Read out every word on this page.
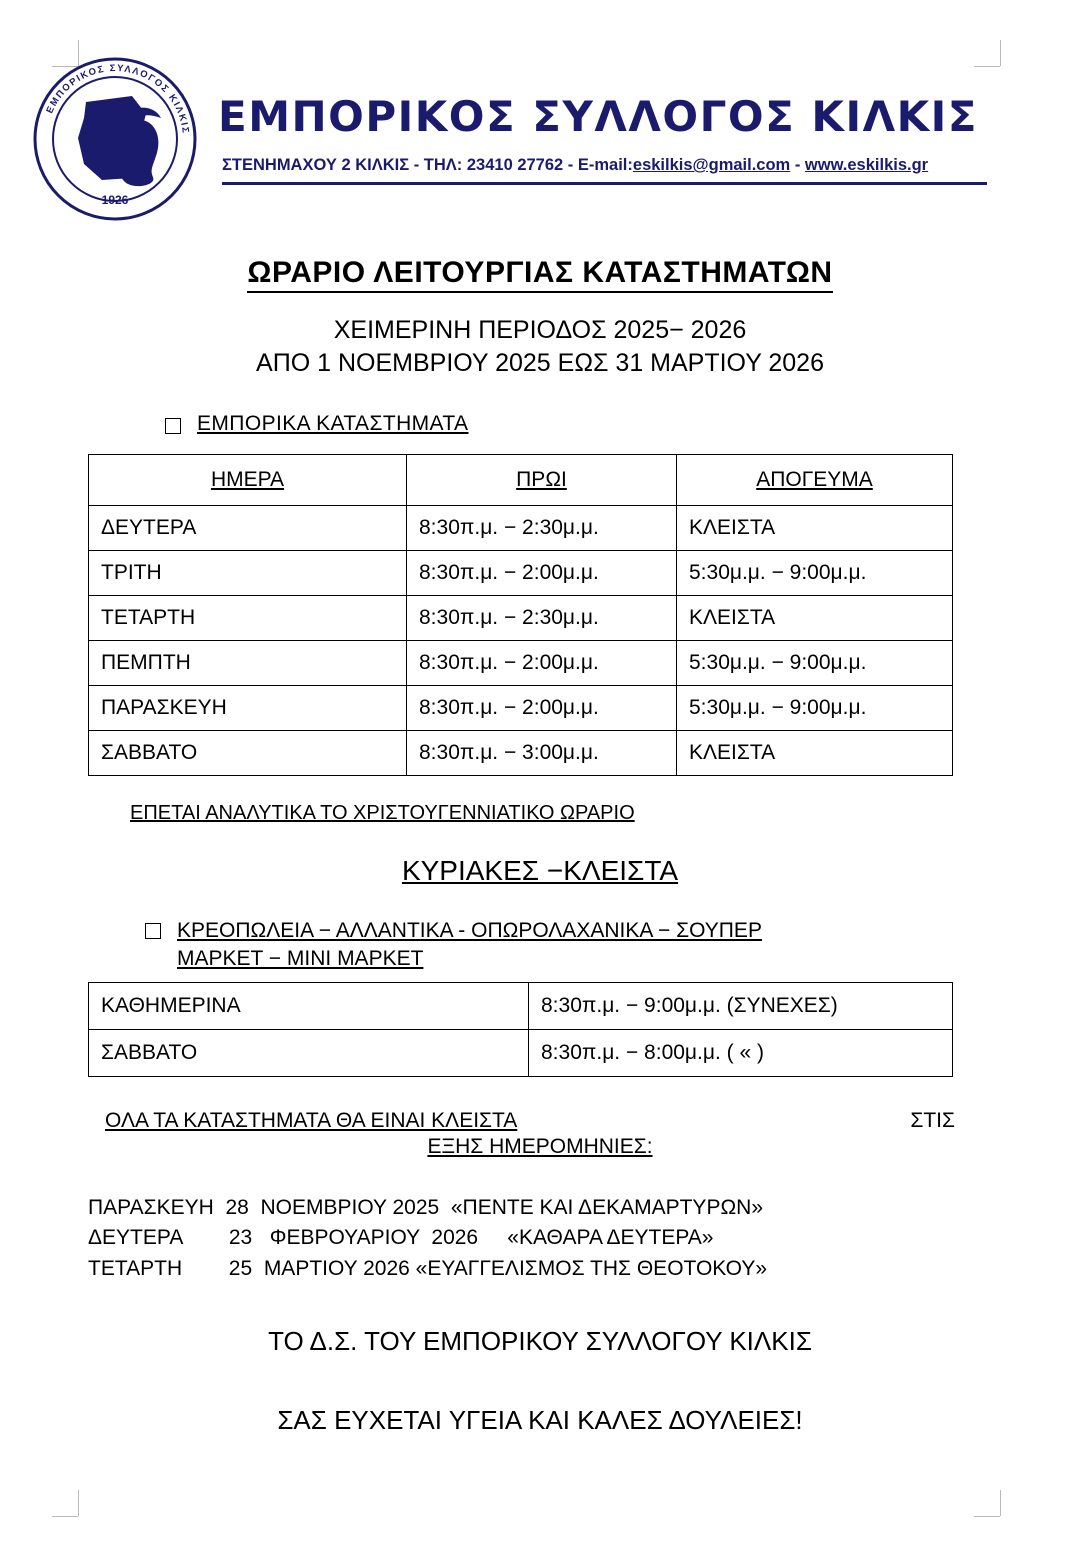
1926
ΕΜΠΟΡΙΚΟΣ ΣΥΛΛΟΓΟΣ ΚΙΛΚΙΣ ΕΜΠΟΡΙΚΟΣ ΣΥΛΛΟΓΟΣ ΚΙΛΚΙΣ
ΣΤΕΝΗΜΑΧΟΥ 2 ΚΙΛΚΙΣ - ΤΗΛ: 23410 27762 - E-mail:eskilkis@gmail.com - www.eskilkis.gr
ΩΡΑΡΙΟ ΛΕΙΤΟΥΡΓΙΑΣ ΚΑΤΑΣΤΗΜΑΤΩΝ
ΧΕΙΜΕΡΙΝΗ ΠΕΡΙΟΔΟΣ 2025− 2026
ΑΠΟ 1 ΝΟΕΜΒΡΙΟΥ 2025 ΕΩΣ 31 ΜΑΡΤΙΟΥ 2026
ΕΜΠΟΡΙΚΑ ΚΑΤΑΣΤΗΜΑΤΑ
ΗΜΕΡΑ	ΠΡΩΙ	ΑΠΟΓΕΥΜΑ
ΔΕΥΤΕΡΑ	8:30π.μ. − 2:30μ.μ.	ΚΛΕΙΣΤΑ
ΤΡΙΤΗ	8:30π.μ. − 2:00μ.μ.	5:30μ.μ. − 9:00μ.μ.
ΤΕΤΑΡΤΗ	8:30π.μ. − 2:30μ.μ.	ΚΛΕΙΣΤΑ
ΠΕΜΠΤΗ	8:30π.μ. − 2:00μ.μ.	5:30μ.μ. − 9:00μ.μ.
ΠΑΡΑΣΚΕΥΗ	8:30π.μ. − 2:00μ.μ.	5:30μ.μ. − 9:00μ.μ.
ΣΑΒΒΑΤΟ	8:30π.μ. − 3:00μ.μ.	ΚΛΕΙΣΤΑ
ΕΠΕΤΑΙ ΑΝΑΛΥΤΙΚΑ ΤΟ ΧΡΙΣΤΟΥΓΕΝΝΙΑΤΙΚΟ ΩΡΑΡΙΟ
ΚΥΡΙΑΚΕΣ −ΚΛΕΙΣΤΑ
ΚΡΕΟΠΩΛΕΙΑ − ΑΛΛΑΝΤΙΚΑ - ΟΠΩΡΟΛΑΧΑΝΙΚΑ − ΣΟΥΠΕΡ
ΜΑΡΚΕΤ − ΜΙΝΙ ΜΑΡΚΕΤ
ΚΑΘΗΜΕΡΙΝΑ	8:30π.μ. − 9:00μ.μ. (ΣΥΝΕΧΕΣ)
ΣΑΒΒΑΤΟ	8:30π.μ. − 8:00μ.μ. ( « )
ΟΛΑ ΤΑ ΚΑΤΑΣΤΗΜΑΤΑ ΘΑ ΕΙΝΑΙ ΚΛΕΙΣΤΑ	ΣΤΙΣ
ΕΞΗΣ ΗΜΕΡΟΜΗΝΙΕΣ:
ΠΑΡΑΣΚΕΥΗ  28  ΝΟΕΜΒΡΙΟΥ 2025  «ΠΕΝΤΕ ΚΑΙ ΔΕΚΑΜΑΡΤΥΡΩΝ»
ΔΕΥΤΕΡΑ        23   ΦΕΒΡΟΥΑΡΙΟΥ  2026     «ΚΑΘΑΡΑ ΔΕΥΤΕΡΑ»
ΤΕΤΑΡΤΗ        25  ΜΑΡΤΙΟΥ 2026 «ΕΥΑΓΓΕΛΙΣΜΟΣ ΤΗΣ ΘΕΟΤΟΚΟΥ»
ΤΟ Δ.Σ. ΤΟΥ ΕΜΠΟΡΙΚΟΥ ΣΥΛΛΟΓΟΥ ΚΙΛΚΙΣ
ΣΑΣ ΕΥΧΕΤΑΙ ΥΓΕΙΑ ΚΑΙ ΚΑΛΕΣ ΔΟΥΛΕΙΕΣ!
